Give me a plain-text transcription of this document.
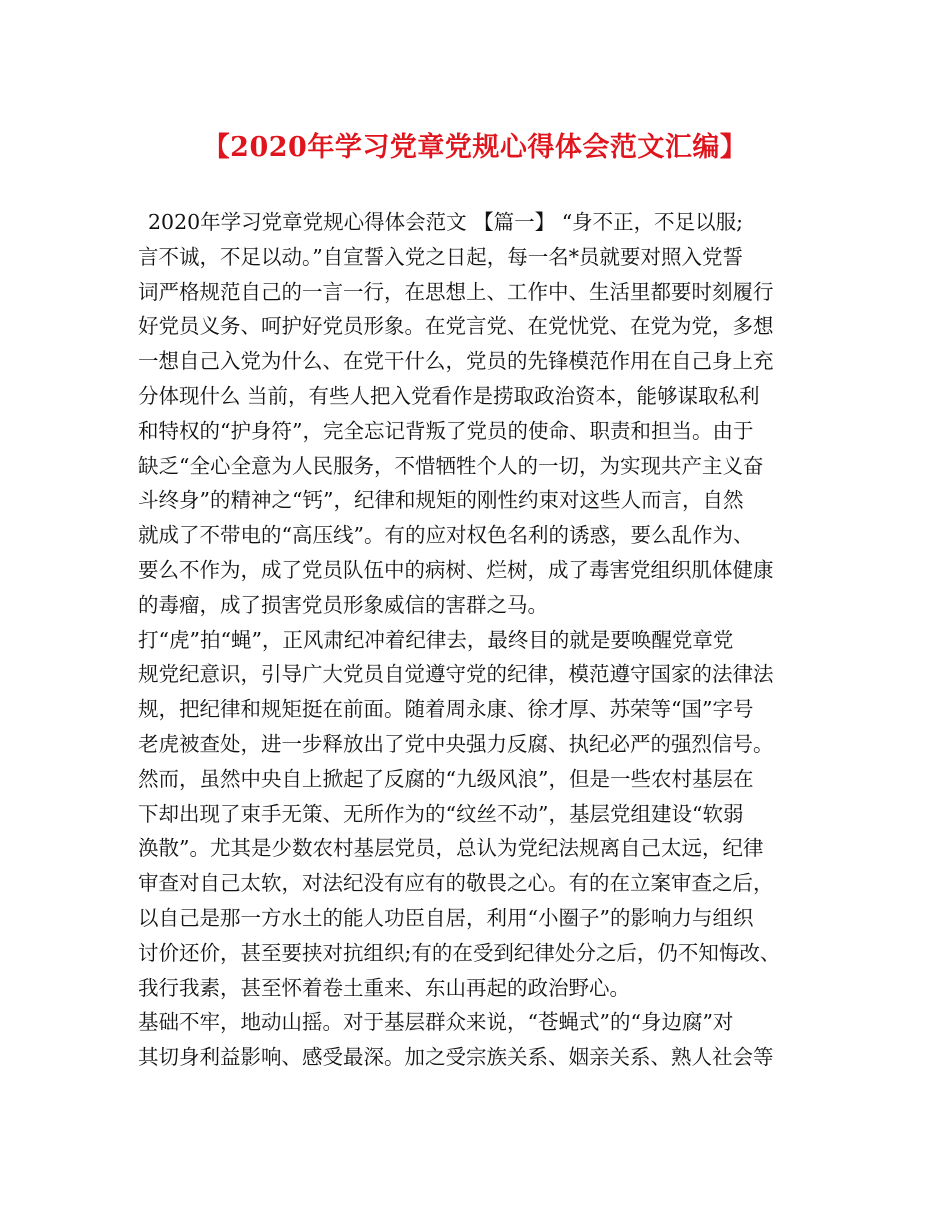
【2020年学习党章党规心得体会范文汇编】
2020年学习党章党规心得体会范文 【篇一】 “身不正，不足以服;
言不诚，不足以动。”自宣誓入党之日起，每一名*员就要对照入党誓
词严格规范自己的一言一行，在思想上、工作中、生活里都要时刻履行
好党员义务、呵护好党员形象。在党言党、在党忧党、在党为党，多想
一想自己入党为什么、在党干什么，党员的先锋模范作用在自己身上充
分体现什么 当前，有些人把入党看作是捞取政治资本，能够谋取私利
和特权的“护身符”，完全忘记背叛了党员的使命、职责和担当。由于
缺乏“全心全意为人民服务，不惜牺牲个人的一切，为实现共产主义奋
斗终身”的精神之“钙”，纪律和规矩的刚性约束对这些人而言，自然
就成了不带电的“高压线”。有的应对权色名利的诱惑，要么乱作为、
要么不作为，成了党员队伍中的病树、烂树，成了毒害党组织肌体健康
的毒瘤，成了损害党员形象威信的害群之马。
打“虎”拍“蝇”，正风肃纪冲着纪律去，最终目的就是要唤醒党章党
规党纪意识，引导广大党员自觉遵守党的纪律，模范遵守国家的法律法
规，把纪律和规矩挺在前面。随着周永康、徐才厚、苏荣等“国”字号
老虎被查处，进一步释放出了党中央强力反腐、执纪必严的强烈信号。
然而，虽然中央自上掀起了反腐的“九级风浪”，但是一些农村基层在
下却出现了束手无策、无所作为的“纹丝不动”，基层党组建设“软弱
涣散”。尤其是少数农村基层党员，总认为党纪法规离自己太远，纪律
审查对自己太软，对法纪没有应有的敬畏之心。有的在立案审查之后，
以自己是那一方水土的能人功臣自居，利用“小圈子”的影响力与组织
讨价还价，甚至要挟对抗组织;有的在受到纪律处分之后，仍不知悔改、
我行我素，甚至怀着卷土重来、东山再起的政治野心。
基础不牢，地动山摇。对于基层群众来说，“苍蝇式”的“身边腐”对
其切身利益影响、感受最深。加之受宗族关系、姻亲关系、熟人社会等
